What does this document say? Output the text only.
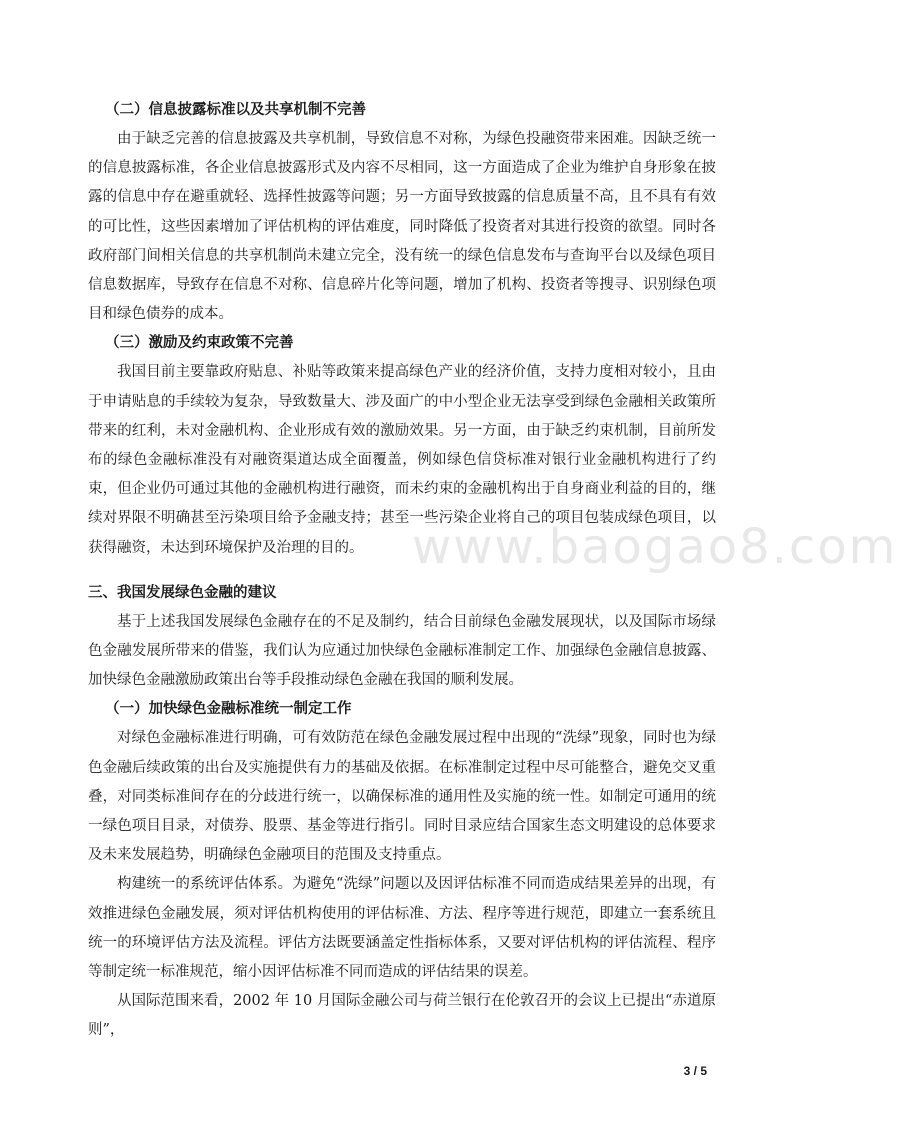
（二）信息披露标准以及共享机制不完善

由于缺乏完善的信息披露及共享机制，导致信息不对称，为绿色投融资带来困难。因缺乏统一的信息披露标准，各企业信息披露形式及内容不尽相同，这一方面造成了企业为维护自身形象在披露的信息中存在避重就轻、选择性披露等问题；另一方面导致披露的信息质量不高，且不具有有效的可比性，这些因素增加了评估机构的评估难度，同时降低了投资者对其进行投资的欲望。同时各政府部门间相关信息的共享机制尚未建立完全，没有统一的绿色信息发布与查询平台以及绿色项目信息数据库，导致存在信息不对称、信息碎片化等问题，增加了机构、投资者等搜寻、识别绿色项目和绿色债券的成本。

（三）激励及约束政策不完善

我国目前主要靠政府贴息、补贴等政策来提高绿色产业的经济价值，支持力度相对较小，且由于申请贴息的手续较为复杂，导致数量大、涉及面广的中小型企业无法享受到绿色金融相关政策所带来的红利，未对金融机构、企业形成有效的激励效果。另一方面，由于缺乏约束机制，目前所发布的绿色金融标准没有对融资渠道达成全面覆盖，例如绿色信贷标准对银行业金融机构进行了约束，但企业仍可通过其他的金融机构进行融资，而未约束的金融机构出于自身商业利益的目的，继续对界限不明确甚至污染项目给予金融支持；甚至一些污染企业将自己的项目包装成绿色项目，以获得融资，未达到环境保护及治理的目的。

三、我国发展绿色金融的建议

基于上述我国发展绿色金融存在的不足及制约，结合目前绿色金融发展现状，以及国际市场绿色金融发展所带来的借鉴，我们认为应通过加快绿色金融标准制定工作、加强绿色金融信息披露、加快绿色金融激励政策出台等手段推动绿色金融在我国的顺利发展。

（一）加快绿色金融标准统一制定工作

对绿色金融标准进行明确，可有效防范在绿色金融发展过程中出现的“洗绿”现象，同时也为绿色金融后续政策的出台及实施提供有力的基础及依据。在标准制定过程中尽可能整合，避免交叉重叠，对同类标准间存在的分歧进行统一，以确保标准的通用性及实施的统一性。如制定可通用的统一绿色项目目录，对债券、股票、基金等进行指引。同时目录应结合国家生态文明建设的总体要求及未来发展趋势，明确绿色金融项目的范围及支持重点。

构建统一的系统评估体系。为避免“洗绿”问题以及因评估标准不同而造成结果差异的出现，有效推进绿色金融发展，须对评估机构使用的评估标准、方法、程序等进行规范，即建立一套系统且统一的环境评估方法及流程。评估方法既要涵盖定性指标体系，又要对评估机构的评估流程、程序等制定统一标准规范，缩小因评估标准不同而造成的评估结果的误差。

从国际范围来看，2002 年 10 月国际金融公司与荷兰银行在伦敦召开的会议上已提出“赤道原则”，

www.baogao8.com
3 / 5
